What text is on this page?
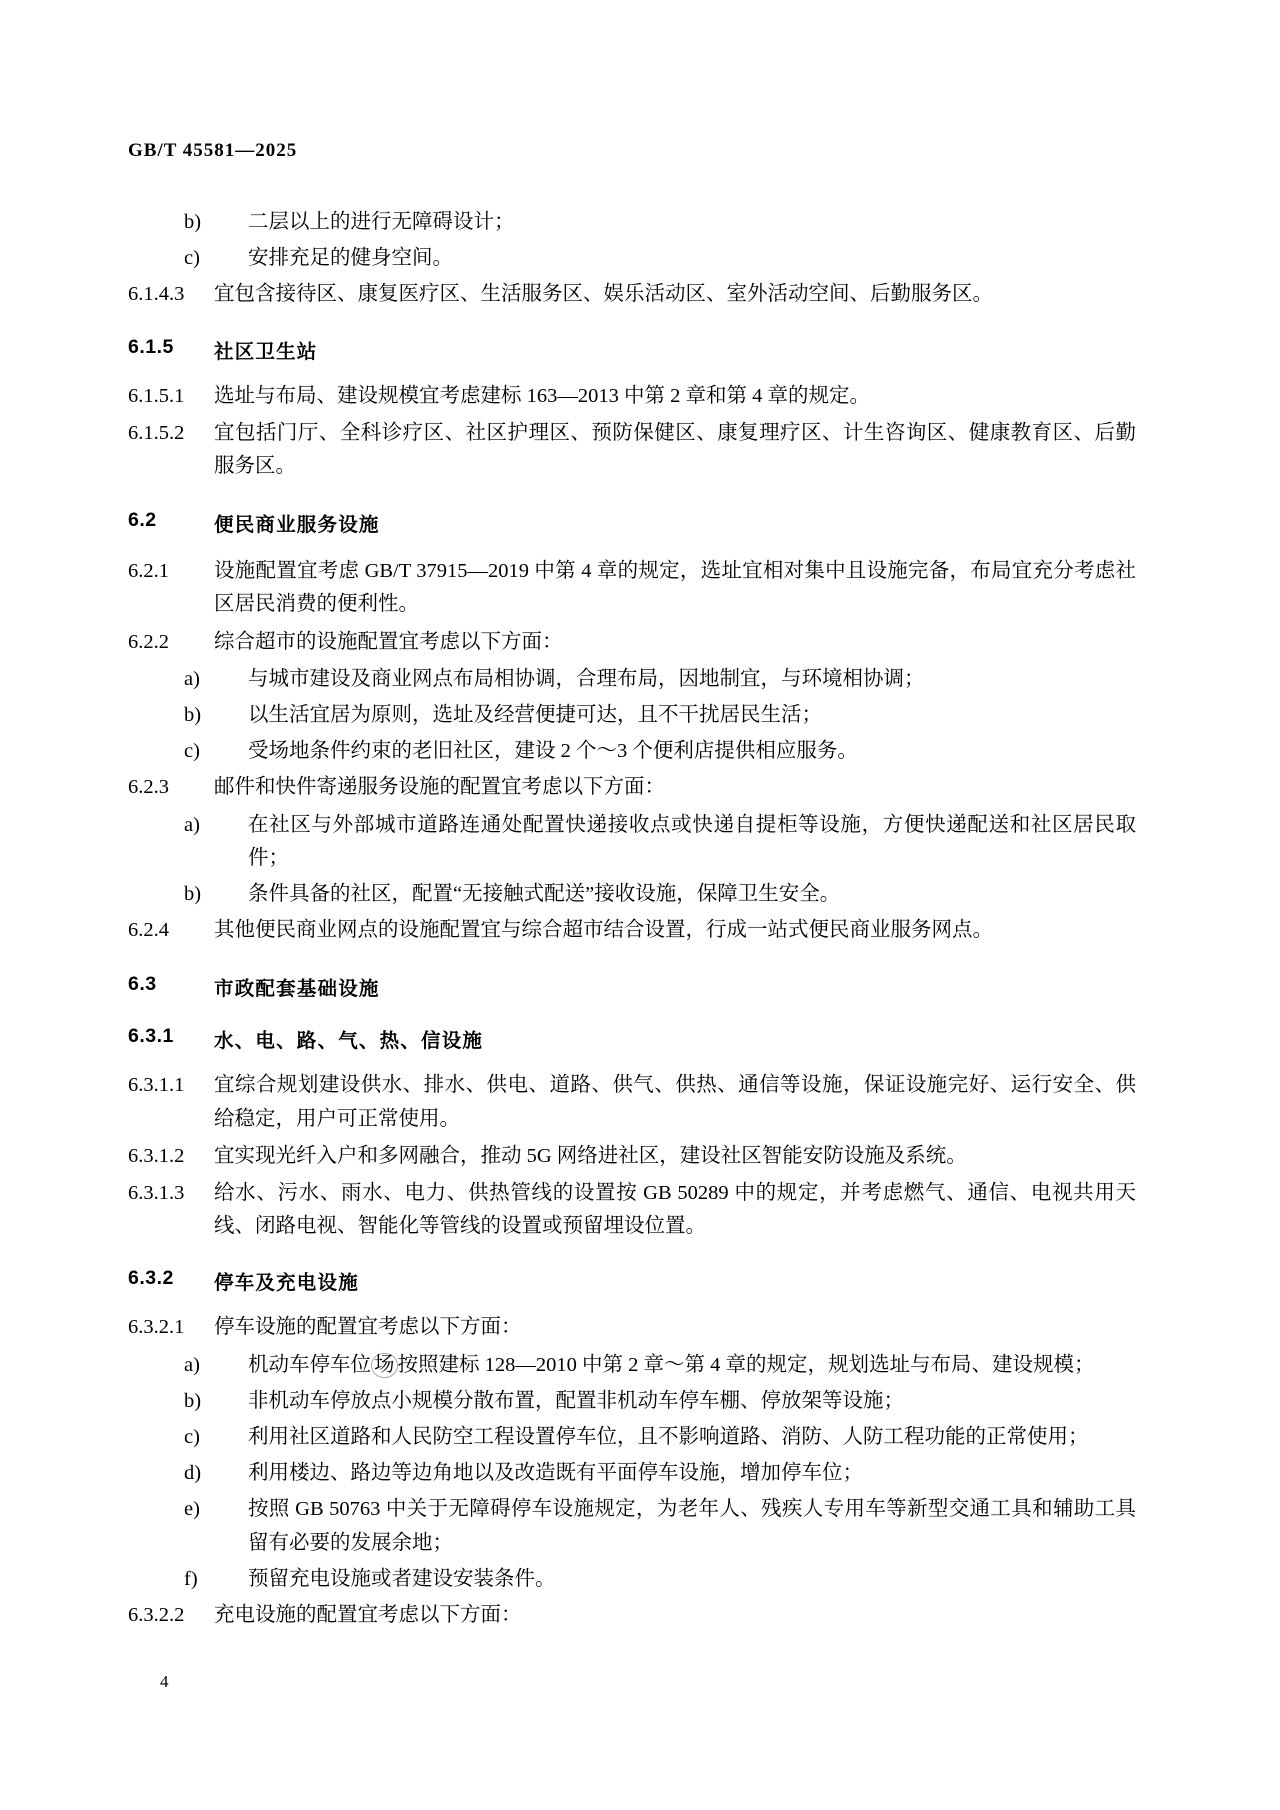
GB/T 45581—2025
b)	二层以上的进行无障碍设计；
c)	安排充足的健身空间。
6.1.4.3	宜包含接待区、康复医疗区、生活服务区、娱乐活动区、室外活动空间、后勤服务区。
6.1.5	社区卫生站
6.1.5.1	选址与布局、建设规模宜考虑建标 163—2013 中第 2 章和第 4 章的规定。
6.1.5.2	宜包括门厅、全科诊疗区、社区护理区、预防保健区、康复理疗区、计生咨询区、健康教育区、后勤服务区。
6.2	便民商业服务设施
6.2.1	设施配置宜考虑 GB/T 37915—2019 中第 4 章的规定，选址宜相对集中且设施完备，布局宜充分考虑社区居民消费的便利性。
6.2.2	综合超市的设施配置宜考虑以下方面：
a)	与城市建设及商业网点布局相协调，合理布局，因地制宜，与环境相协调；
b)	以生活宜居为原则，选址及经营便捷可达，且不干扰居民生活；
c)	受场地条件约束的老旧社区，建设 2 个～3 个便利店提供相应服务。
6.2.3	邮件和快件寄递服务设施的配置宜考虑以下方面：
a)	在社区与外部城市道路连通处配置快递接收点或快递自提柜等设施，方便快递配送和社区居民取件；
b)	条件具备的社区，配置“无接触式配送”接收设施，保障卫生安全。
6.2.4	其他便民商业网点的设施配置宜与综合超市结合设置，行成一站式便民商业服务网点。
6.3	市政配套基础设施
6.3.1	水、电、路、气、热、信设施
6.3.1.1	宜综合规划建设供水、排水、供电、道路、供气、供热、通信等设施，保证设施完好、运行安全、供给稳定，用户可正常使用。
6.3.1.2	宜实现光纤入户和多网融合，推动 5G 网络进社区，建设社区智能安防设施及系统。
6.3.1.3	给水、污水、雨水、电力、供热管线的设置按 GB 50289 中的规定，并考虑燃气、通信、电视共用天线、闭路电视、智能化等管线的设置或预留埋设位置。
6.3.2	停车及充电设施
6.3.2.1	停车设施的配置宜考虑以下方面：
a)	机动车停车位 场 按照建标 128—2010 中第 2 章～第 4 章的规定，规划选址与布局、建设规模；
b)	非机动车停放点小规模分散布置，配置非机动车停车棚、停放架等设施；
c)	利用社区道路和人民防空工程设置停车位，且不影响道路、消防、人防工程功能的正常使用；
d)	利用楼边、路边等边角地以及改造既有平面停车设施，增加停车位；
e)	按照 GB 50763 中关于无障碍停车设施规定，为老年人、残疾人专用车等新型交通工具和辅助工具留有必要的发展余地；
f)	预留充电设施或者建设安装条件。
6.3.2.2	充电设施的配置宜考虑以下方面：
4
